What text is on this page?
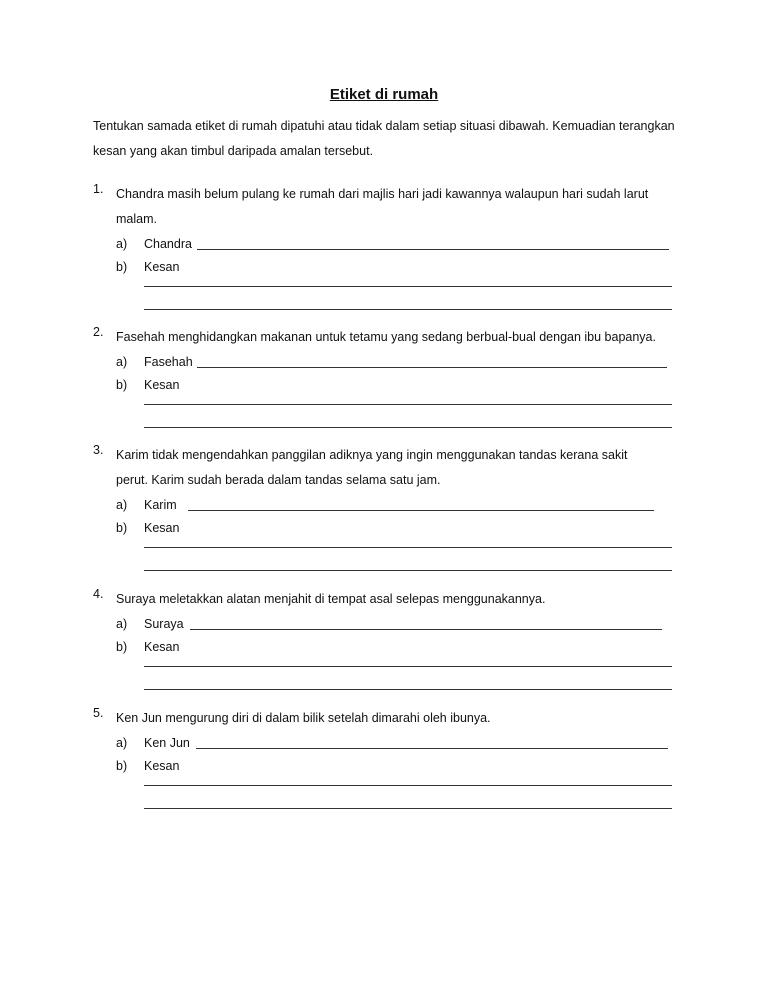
Etiket di rumah
Tentukan samada etiket di rumah dipatuhi atau tidak dalam setiap situasi dibawah. Kemuadian terangkan kesan yang akan timbul daripada amalan tersebut.
1. Chandra masih belum pulang ke rumah dari majlis hari jadi kawannya walaupun hari sudah larut malam.
a) Chandra
b) Kesan
2. Fasehah menghidangkan makanan untuk tetamu yang sedang berbual-bual dengan ibu bapanya.
a) Fasehah
b) Kesan
3. Karim tidak mengendahkan panggilan adiknya yang ingin menggunakan tandas kerana sakit perut. Karim sudah berada dalam tandas selama satu jam.
a) Karim
b) Kesan
4. Suraya meletakkan alatan menjahit di tempat asal selepas menggunakannya.
a) Suraya
b) Kesan
5. Ken Jun mengurung diri di dalam bilik setelah dimarahi oleh ibunya.
a) Ken Jun
b) Kesan
